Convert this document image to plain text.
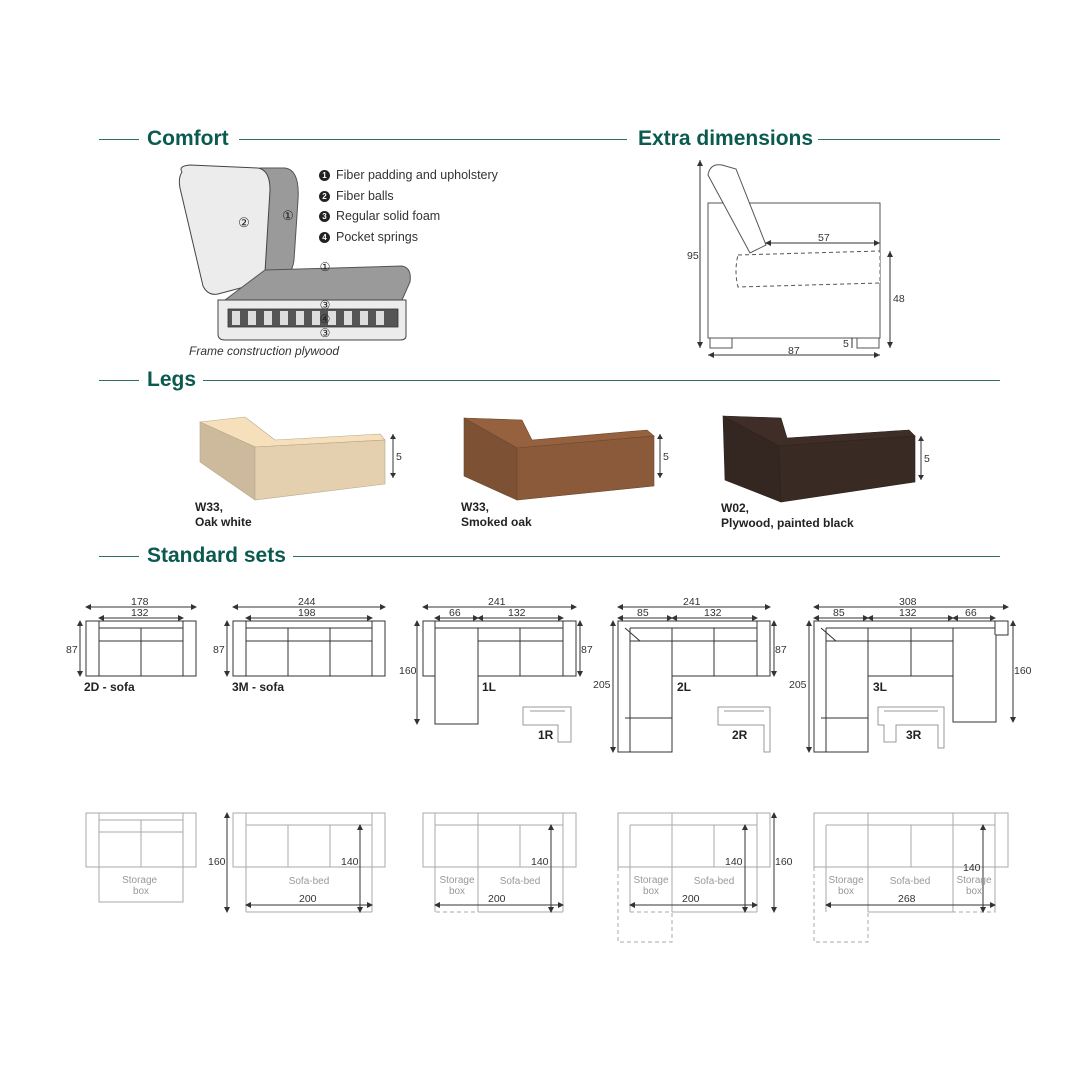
Comfort	Extra dimensions
Legs
Standard sets
② ①
①
③
④
③
1 Fiber padding and upholstery
2 Fiber balls
3 Regular solid foam
4 Pocket springs
Frame construction plywood
95
57
48
5
87
5
W33,
Oak white
5
W33,
Smoked oak
5
W02,
Plywood, painted black
178
132
87
2D - sofa
244
198
87
3M - sofa
241
66	132
160
87
1L
1R
241
85	132
205
87
2L
2R
308
85	132	66
205
160
3L
3R
Storage box
160	140
Sofa-bed
200
140
Storage box
Sofa-bed
200
140	160
Storage box
Sofa-bed
200
140
Storage box
Sofa-bed	Storage box
268
